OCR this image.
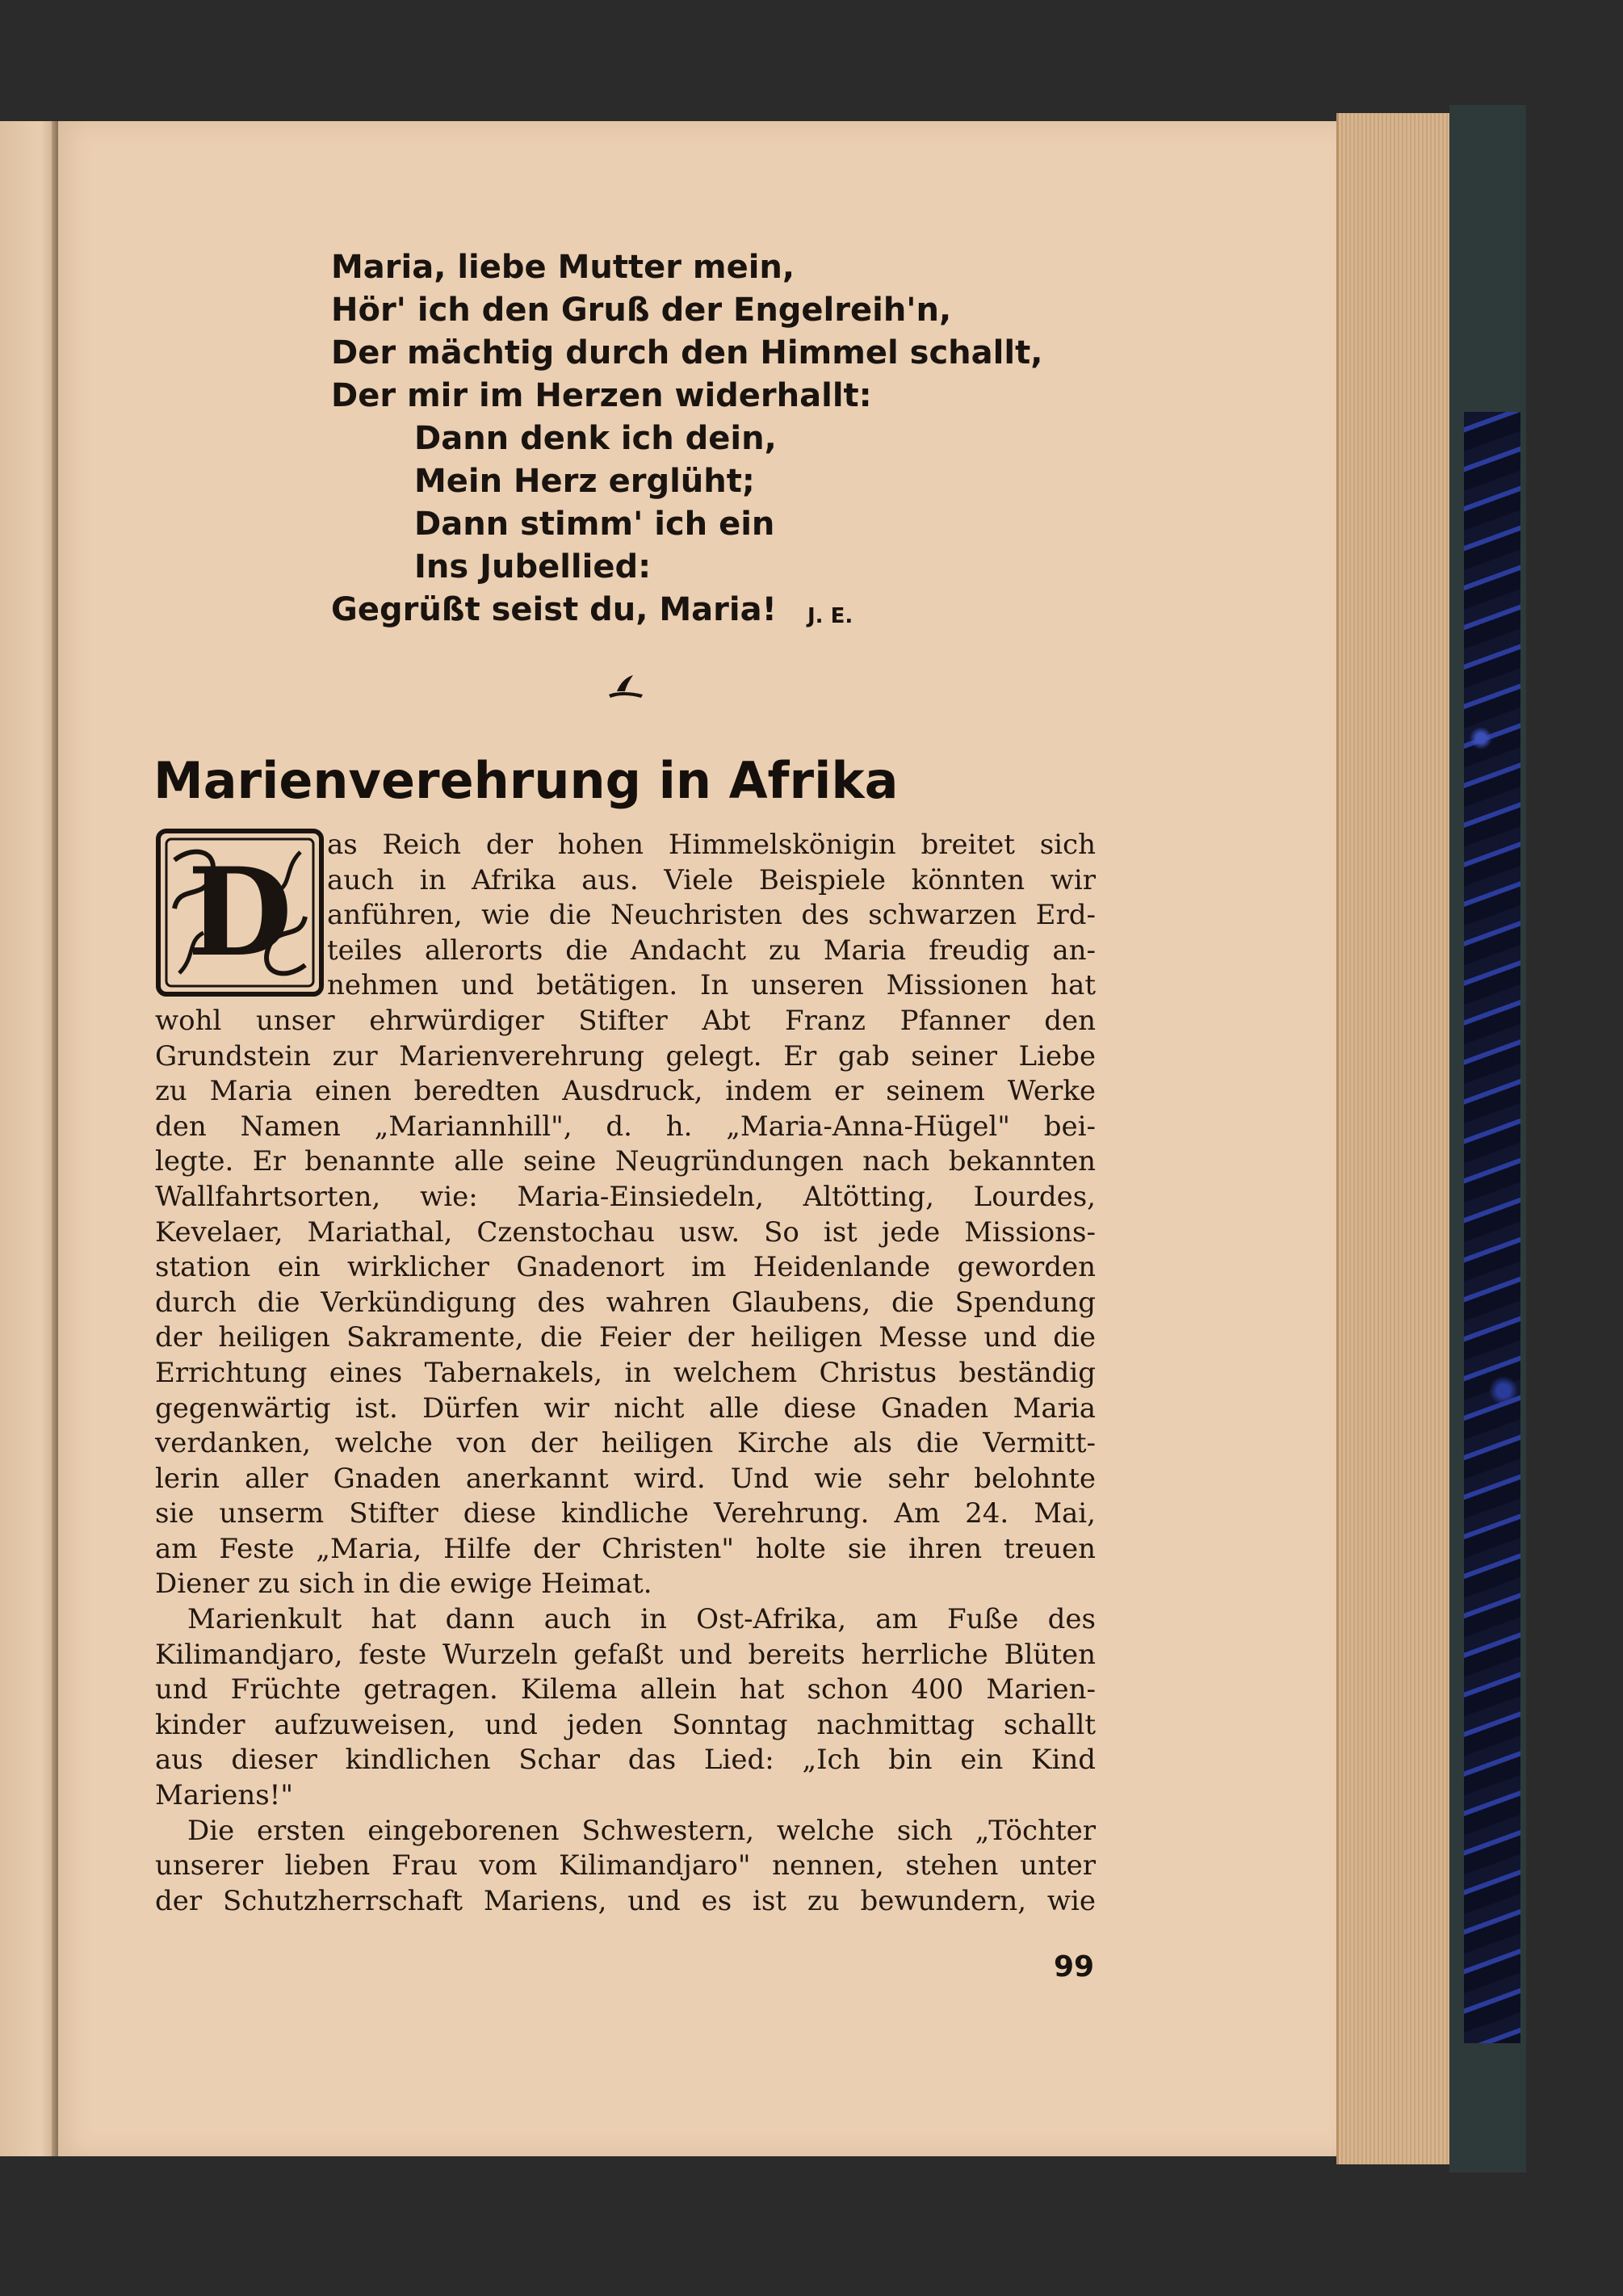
Maria, liebe Mutter mein,
Hör' ich den Gruß der Engelreih'n,
Der mächtig durch den Himmel schallt,
Der mir im Herzen widerhallt:
Dann denk ich dein,
Mein Herz erglüht;
Dann stimm' ich ein
Ins Jubellied:
Gegrüßt seist du, Maria!	J. E.
Marienverehrung in Afrika
D	as Reich der hohen Himmelskönigin breitet sich
auch in Afrika aus. Viele Beispiele könnten wir
anführen, wie die Neuchristen des schwarzen Erd-
teiles allerorts die Andacht zu Maria freudig an-
nehmen und betätigen. In unseren Missionen hat
wohl unser ehrwürdiger Stifter Abt Franz Pfanner den
Grundstein zur Marienverehrung gelegt. Er gab seiner Liebe
zu Maria einen beredten Ausdruck, indem er seinem Werke
den Namen „Mariannhill", d. h. „Maria-Anna-Hügel" bei-
legte. Er benannte alle seine Neugründungen nach bekannten
Wallfahrtsorten, wie: Maria-Einsiedeln, Altötting, Lourdes,
Kevelaer, Mariathal, Czenstochau usw. So ist jede Missions-
station ein wirklicher Gnadenort im Heidenlande geworden
durch die Verkündigung des wahren Glaubens, die Spendung
der heiligen Sakramente, die Feier der heiligen Messe und die
Errichtung eines Tabernakels, in welchem Christus beständig
gegenwärtig ist. Dürfen wir nicht alle diese Gnaden Maria
verdanken, welche von der heiligen Kirche als die Vermitt-
lerin aller Gnaden anerkannt wird. Und wie sehr belohnte
sie unserm Stifter diese kindliche Verehrung. Am 24. Mai,
am Feste „Maria, Hilfe der Christen" holte sie ihren treuen
Diener zu sich in die ewige Heimat.
Marienkult hat dann auch in Ost-Afrika, am Fuße des
Kilimandjaro, feste Wurzeln gefaßt und bereits herrliche Blüten
und Früchte getragen. Kilema allein hat schon 400 Marien-
kinder aufzuweisen, und jeden Sonntag nachmittag schallt
aus dieser kindlichen Schar das Lied: „Ich bin ein Kind
Mariens!"
Die ersten eingeborenen Schwestern, welche sich „Töchter
unserer lieben Frau vom Kilimandjaro" nennen, stehen unter
der Schutzherrschaft Mariens, und es ist zu bewundern, wie
99
